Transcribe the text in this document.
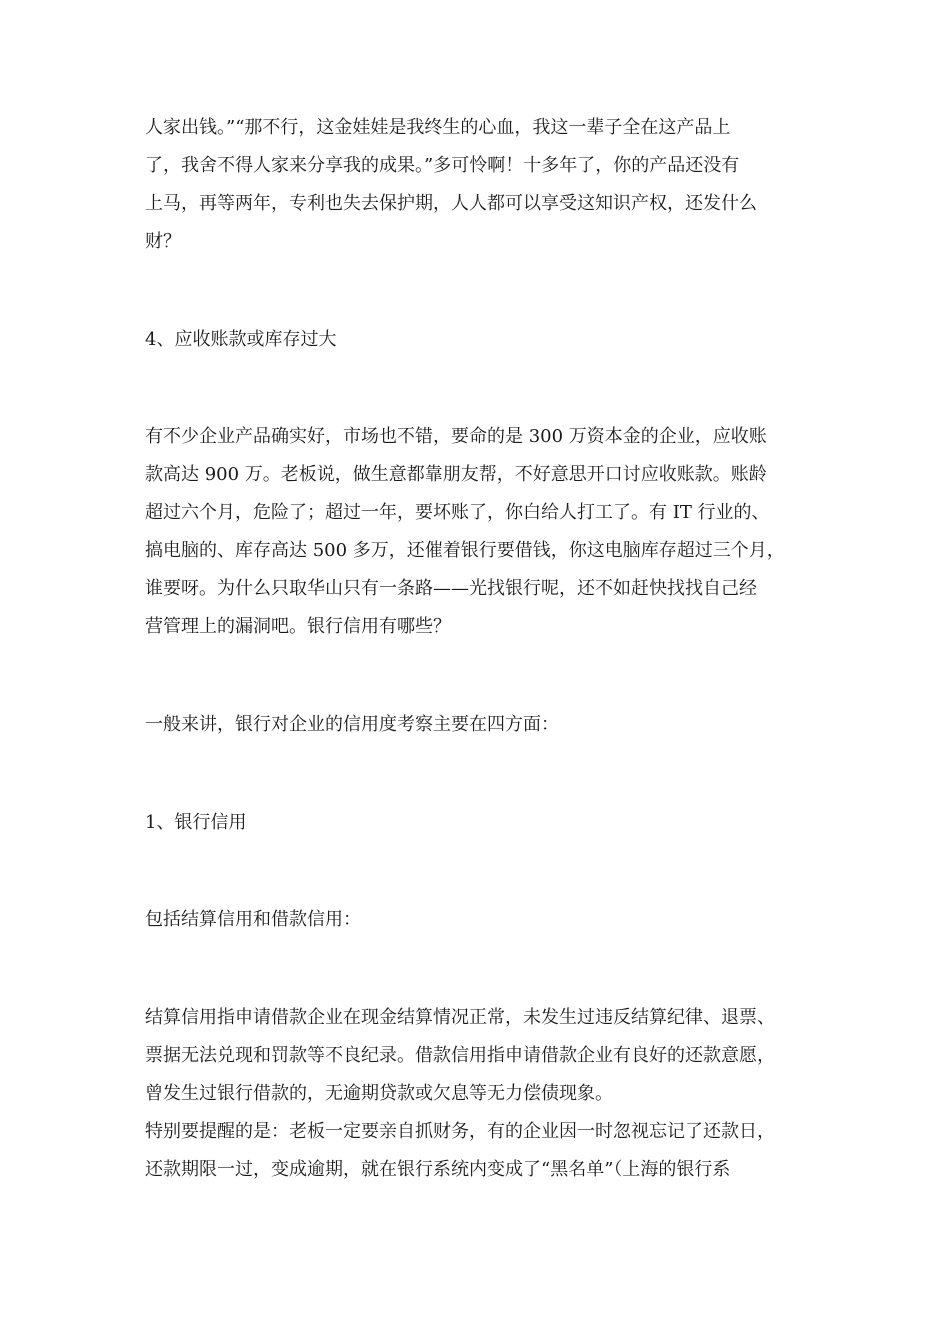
人家出钱。”“那不行，这金娃娃是我终生的心血，我这一辈子全在这产品上
了，我舍不得人家来分享我的成果。”多可怜啊！十多年了，你的产品还没有
上马，再等两年，专利也失去保护期，人人都可以享受这知识产权，还发什么
财？
4、应收账款或库存过大
有不少企业产品确实好，市场也不错，要命的是 300 万资本金的企业，应收账
款高达 900 万。老板说，做生意都靠朋友帮，不好意思开口讨应收账款。账龄
超过六个月，危险了；超过一年，要坏账了，你白给人打工了。有 IT 行业的、
搞电脑的、库存高达 500 多万，还催着银行要借钱，你这电脑库存超过三个月，
谁要呀。为什么只取华山只有一条路——光找银行呢，还不如赶快找找自己经
营管理上的漏洞吧。银行信用有哪些？
一般来讲，银行对企业的信用度考察主要在四方面：
1、银行信用
包括结算信用和借款信用：
结算信用指申请借款企业在现金结算情况正常，未发生过违反结算纪律、退票、
票据无法兑现和罚款等不良纪录。借款信用指申请借款企业有良好的还款意愿，
曾发生过银行借款的，无逾期贷款或欠息等无力偿债现象。
特别要提醒的是：老板一定要亲自抓财务，有的企业因一时忽视忘记了还款日，
还款期限一过，变成逾期，就在银行系统内变成了“黑名单”（上海的银行系
